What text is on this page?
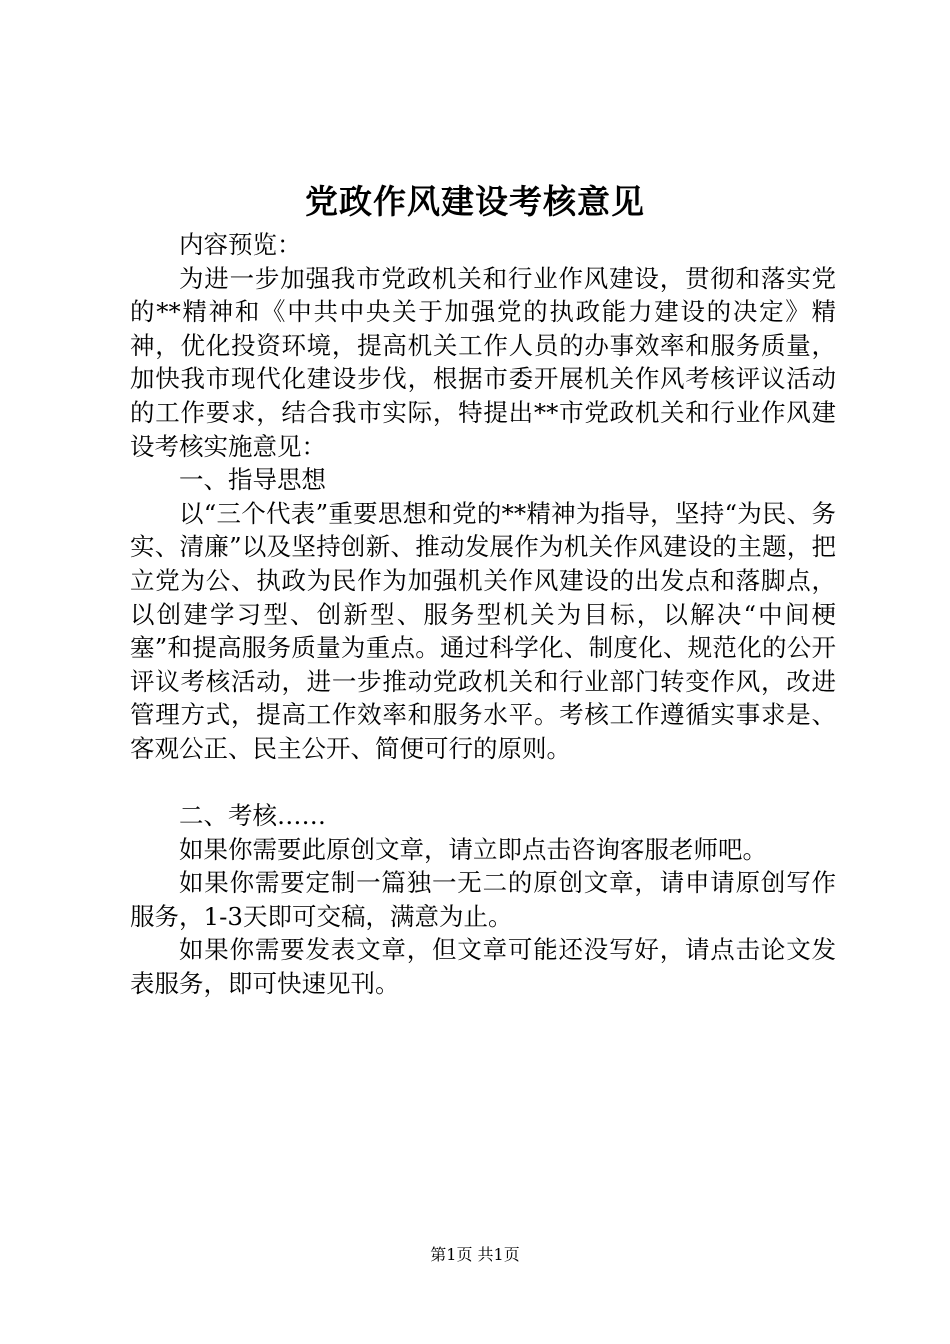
党政作风建设考核意见

内容预览：

为进一步加强我市党政机关和行业作风建设，贯彻和落实党的**精神和《中共中央关于加强党的执政能力建设的决定》精神，优化投资环境，提高机关工作人员的办事效率和服务质量，加快我市现代化建设步伐，根据市委开展机关作风考核评议活动的工作要求，结合我市实际，特提出**市党政机关和行业作风建设考核实施意见：

一、指导思想

以“三个代表”重要思想和党的**精神为指导，坚持“为民、务实、清廉”以及坚持创新、推动发展作为机关作风建设的主题，把立党为公、执政为民作为加强机关作风建设的出发点和落脚点，以创建学习型、创新型、服务型机关为目标，以解决“中间梗塞”和提高服务质量为重点。通过科学化、制度化、规范化的公开评议考核活动，进一步推动党政机关和行业部门转变作风，改进管理方式，提高工作效率和服务水平。考核工作遵循实事求是、客观公正、民主公开、简便可行的原则。

二、考核……

如果你需要此原创文章，请立即点击咨询客服老师吧。

如果你需要定制一篇独一无二的原创文章，请申请原创写作服务，1-3天即可交稿，满意为止。

如果你需要发表文章，但文章可能还没写好，请点击论文发表服务，即可快速见刊。

第1页 共1页
